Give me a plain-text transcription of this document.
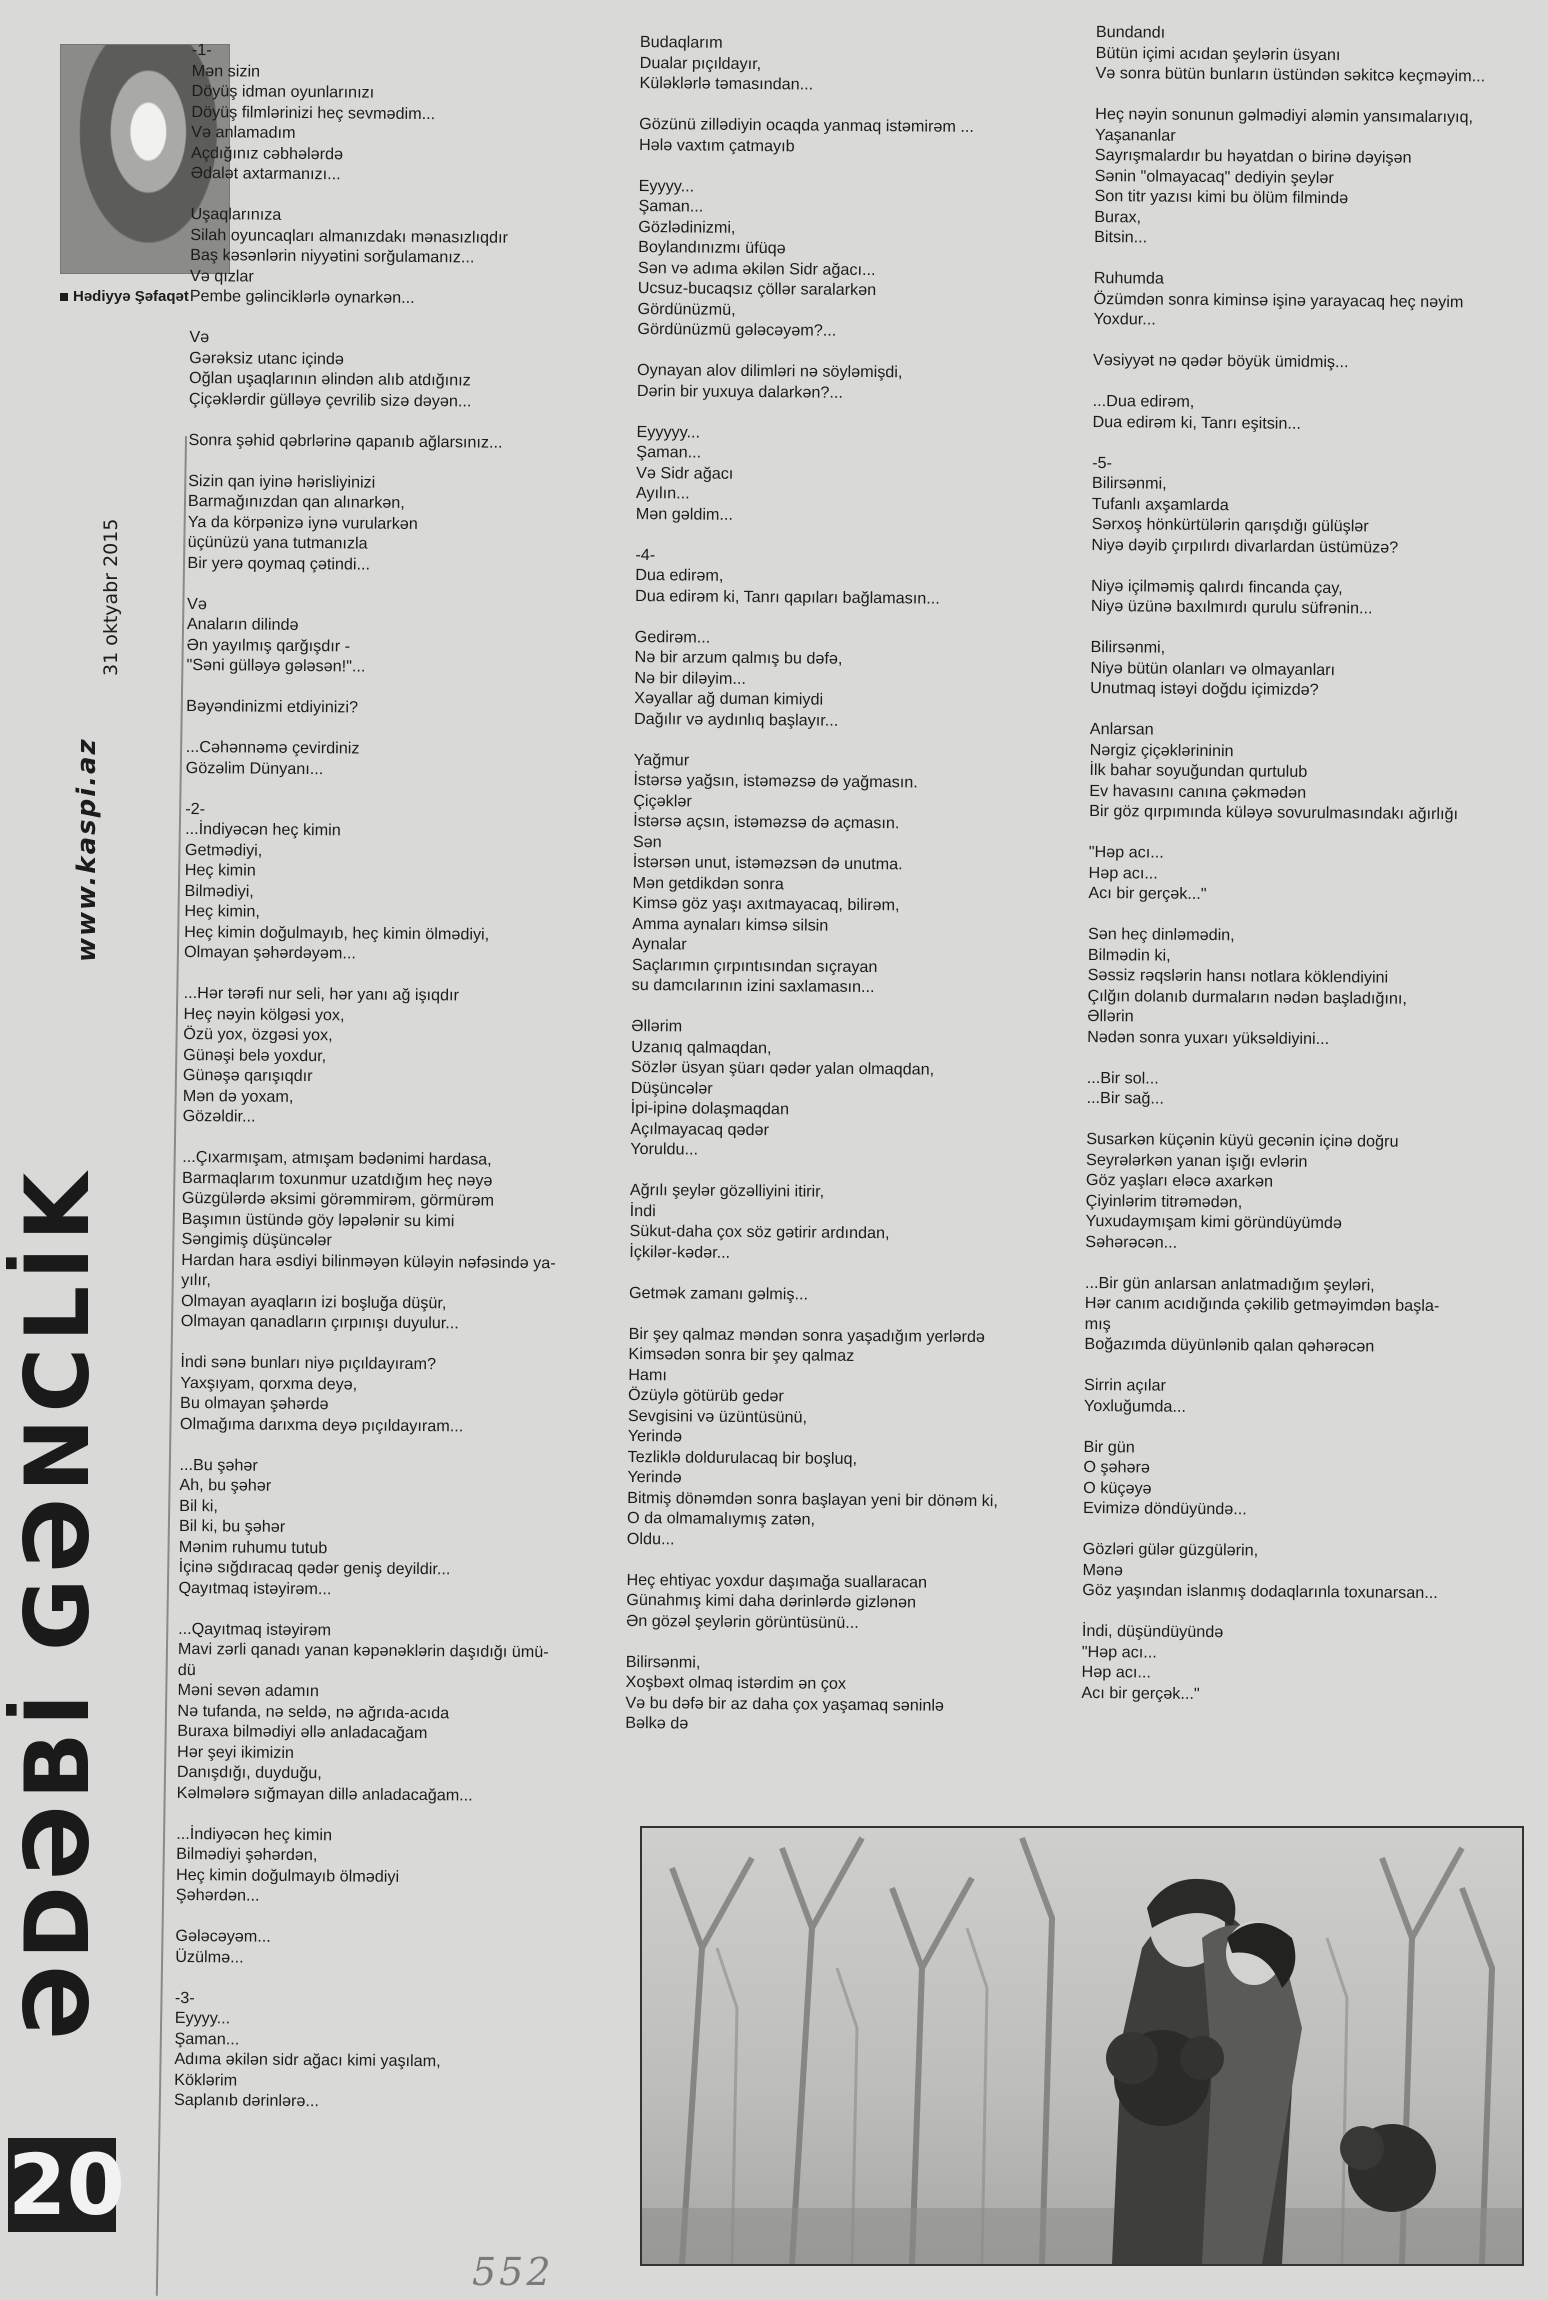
Hədiyyə Şəfaqət
31 oktyabr 2015
www.kaspi.az
ƏDƏBİ GƏNCLİK
20
-1-
Mən sizin
Döyüş idman oyunlarınızı
Döyüş filmlərinizi heç sevmədim...
Və anlamadım
Açdığınız cəbhələrdə
Ədalət axtarmanızı...

Uşaqlarınıza
Silah oyuncaqları almanızdakı mənasızlıqdır
Baş kəsənlərin niyyətini sorğulamanız...
Və qızlar
Pembe gəlinciklərlə oynarkən...

Və
Gərəksiz utanc içində
Oğlan uşaqlarının əlindən alıb atdığınız
Çiçəklərdir gülləyə çevrilib sizə dəyən...

Sonra şəhid qəbrlərinə qapanıb ağlarsınız...

Sizin qan iyinə hərisliyinizi
Barmağınızdan qan alınarkən,
Ya da körpənizə iynə vurularkən
üçünüzü yana tutmanızla
Bir yerə qoymaq çətindi...

Və
Anaların dilində
Ən yayılmış qarğışdır -
"Səni gülləyə gələsən!"...

Bəyəndinizmi etdiyinizi?

...Cəhənnəmə çevirdiniz
Gözəlim Dünyanı...

-2-
...İndiyəcən heç kimin
Getmədiyi,
Heç kimin
Bilmədiyi,
Heç kimin,
Heç kimin doğulmayıb, heç kimin ölmədiyi,
Olmayan şəhərdəyəm...

...Hər tərəfi nur seli, hər yanı ağ işıqdır
Heç nəyin kölgəsi yox,
Özü yox, özgəsi yox,
Günəşi belə yoxdur,
Günəşə qarışıqdır
Mən də yoxam,
Gözəldir...

...Çıxarmışam, atmışam bədənimi hardasa,
Barmaqlarım toxunmur uzatdığım heç nəyə
Güzgülərdə əksimi görəmmirəm, görmürəm
Başımın üstündə göy ləpələnir su kimi
Səngimiş düşüncələr
Hardan hara əsdiyi bilinməyən küləyin nəfəsində ya-
yılır,
Olmayan ayaqların izi boşluğa düşür,
Olmayan qanadların çırpınışı duyulur...

İndi sənə bunları niyə pıçıldayıram?
Yaxşıyam, qorxma deyə,
Bu olmayan şəhərdə
Olmağıma darıxma deyə pıçıldayıram...

...Bu şəhər
Ah, bu şəhər
Bil ki,
Bil ki, bu şəhər
Mənim ruhumu tutub
İçinə sığdıracaq qədər geniş deyildir...
Qayıtmaq istəyirəm...

...Qayıtmaq istəyirəm
Mavi zərli qanadı yanan kəpənəklərin daşıdığı ümü-
dü
Məni sevən adamın
Nə tufanda, nə seldə, nə ağrıda-acıda
Buraxa bilmədiyi əllə anladacağam
Hər şeyi ikimizin
Danışdığı, duyduğu,
Kəlmələrə sığmayan dillə anladacağam...

...İndiyəcən heç kimin
Bilmədiyi şəhərdən,
Heç kimin doğulmayıb ölmədiyi
Şəhərdən...

Gələcəyəm...
Üzülmə...

-3-
Eyyyy...
Şaman...
Adıma əkilən sidr ağacı kimi yaşılam,
Köklərim
Saplanıb dərinlərə...
Budaqlarım
Dualar pıçıldayır,
Küləklərlə təmasından...

Gözünü zillədiyin ocaqda yanmaq istəmirəm ...
Hələ vaxtım çatmayıb

Eyyyy...
Şaman...
Gözlədinizmi,
Boylandınızmı üfüqə
Sən və adıma əkilən Sidr ağacı...
Ucsuz-bucaqsız çöllər saralarkən
Gördünüzmü,
Gördünüzmü gələcəyəm?...

Oynayan alov dilimləri nə söyləmişdi,
Dərin bir yuxuya dalarkən?...

Eyyyyy...
Şaman...
Və Sidr ağacı
Ayılın...
Mən gəldim...

-4-
Dua edirəm,
Dua edirəm ki, Tanrı qapıları bağlamasın...

Gedirəm...
Nə bir arzum qalmış bu dəfə,
Nə bir diləyim...
Xəyallar ağ duman kimiydi
Dağılır və aydınlıq başlayır...

Yağmur
İstərsə yağsın, istəməzsə də yağmasın.
Çiçəklər
İstərsə açsın, istəməzsə də açmasın.
Sən
İstərsən unut, istəməzsən də unutma.
Mən getdikdən sonra
Kimsə göz yaşı axıtmayacaq, bilirəm,
Amma aynaları kimsə silsin
Aynalar
Saçlarımın çırpıntısından sıçrayan
su damcılarının izini saxlamasın...

Əllərim
Uzanıq qalmaqdan,
Sözlər üsyan şüarı qədər yalan olmaqdan,
Düşüncələr
İpi-ipinə dolaşmaqdan
Açılmayacaq qədər
Yoruldu...

Ağrılı şeylər gözəlliyini itirir,
İndi
Sükut-daha çox söz gətirir ardından,
İçkilər-kədər...

Getmək zamanı gəlmiş...

Bir şey qalmaz məndən sonra yaşadığım yerlərdə
Kimsədən sonra bir şey qalmaz
Hamı
Özüylə götürüb gedər
Sevgisini və üzüntüsünü,
Yerində
Tezliklə doldurulacaq bir boşluq,
Yerində
Bitmiş dönəmdən sonra başlayan yeni bir dönəm ki,
O da olmamalıymış zatən,
Oldu...

Heç ehtiyac yoxdur daşımağa suallaracan
Günahmış kimi daha dərinlərdə gizlənən
Ən gözəl şeylərin görüntüsünü...

Bilirsənmi,
Xoşbəxt olmaq istərdim ən çox
Və bu dəfə bir az daha çox yaşamaq səninlə
Bəlkə də
Bundandı
Bütün içimi acıdan şeylərin üsyanı
Və sonra bütün bunların üstündən səkitcə keçməyim...

Heç nəyin sonunun gəlmədiyi aləmin yansımalarıyıq,
Yaşananlar
Sayrışmalardır bu həyatdan o birinə dəyişən
Sənin "olmayacaq" dediyin şeylər
Son titr yazısı kimi bu ölüm filmində
Burax,
Bitsin...

Ruhumda
Özümdən sonra kiminsə işinə yarayacaq heç nəyim
Yoxdur...

Vəsiyyət nə qədər böyük ümidmiş...

...Dua edirəm,
Dua edirəm ki, Tanrı eşitsin...

-5-
Bilirsənmi,
Tufanlı axşamlarda
Sərxoş hönkürtülərin qarışdığı gülüşlər
Niyə dəyib çırpılırdı divarlardan üstümüzə?

Niyə içilməmiş qalırdı fincanda çay,
Niyə üzünə baxılmırdı qurulu süfrənin...

Bilirsənmi,
Niyə bütün olanları və olmayanları
Unutmaq istəyi doğdu içimizdə?

Anlarsan
Nərgiz çiçəklərininin
İlk bahar soyuğundan qurtulub
Ev havasını canına çəkmədən
Bir göz qırpımında küləyə sovurulmasındakı ağırlığı

"Həp acı...
Həp acı...
Acı bir gerçək..."

Sən heç dinləmədin,
Bilmədin ki,
Səssiz rəqslərin hansı notlara köklendiyini
Çılğın dolanıb durmaların nədən başladığını,
Əllərin
Nədən sonra yuxarı yüksəldiyini...

...Bir sol...
...Bir sağ...

Susarkən küçənin küyü gecənin içinə doğru
Seyrələrkən yanan işığı evlərin
Göz yaşları eləcə axarkən
Çiyinlərim titrəmədən,
Yuxudaymışam kimi göründüyümdə
Səhərəcən...

...Bir gün anlarsan anlatmadığım şeyləri,
Hər canım acıdığında çəkilib getməyimdən başla-
mış
Boğazımda düyünlənib qalan qəhərəcən

Sirrin açılar
Yoxluğumda...

Bir gün
O şəhərə
O küçəyə
Evimizə döndüyündə...

Gözləri gülər güzgülərin,
Mənə
Göz yaşından islanmış dodaqlarınla toxunarsan...

İndi, düşündüyündə
"Həp acı...
Həp acı...
Acı bir gerçək..."
552
